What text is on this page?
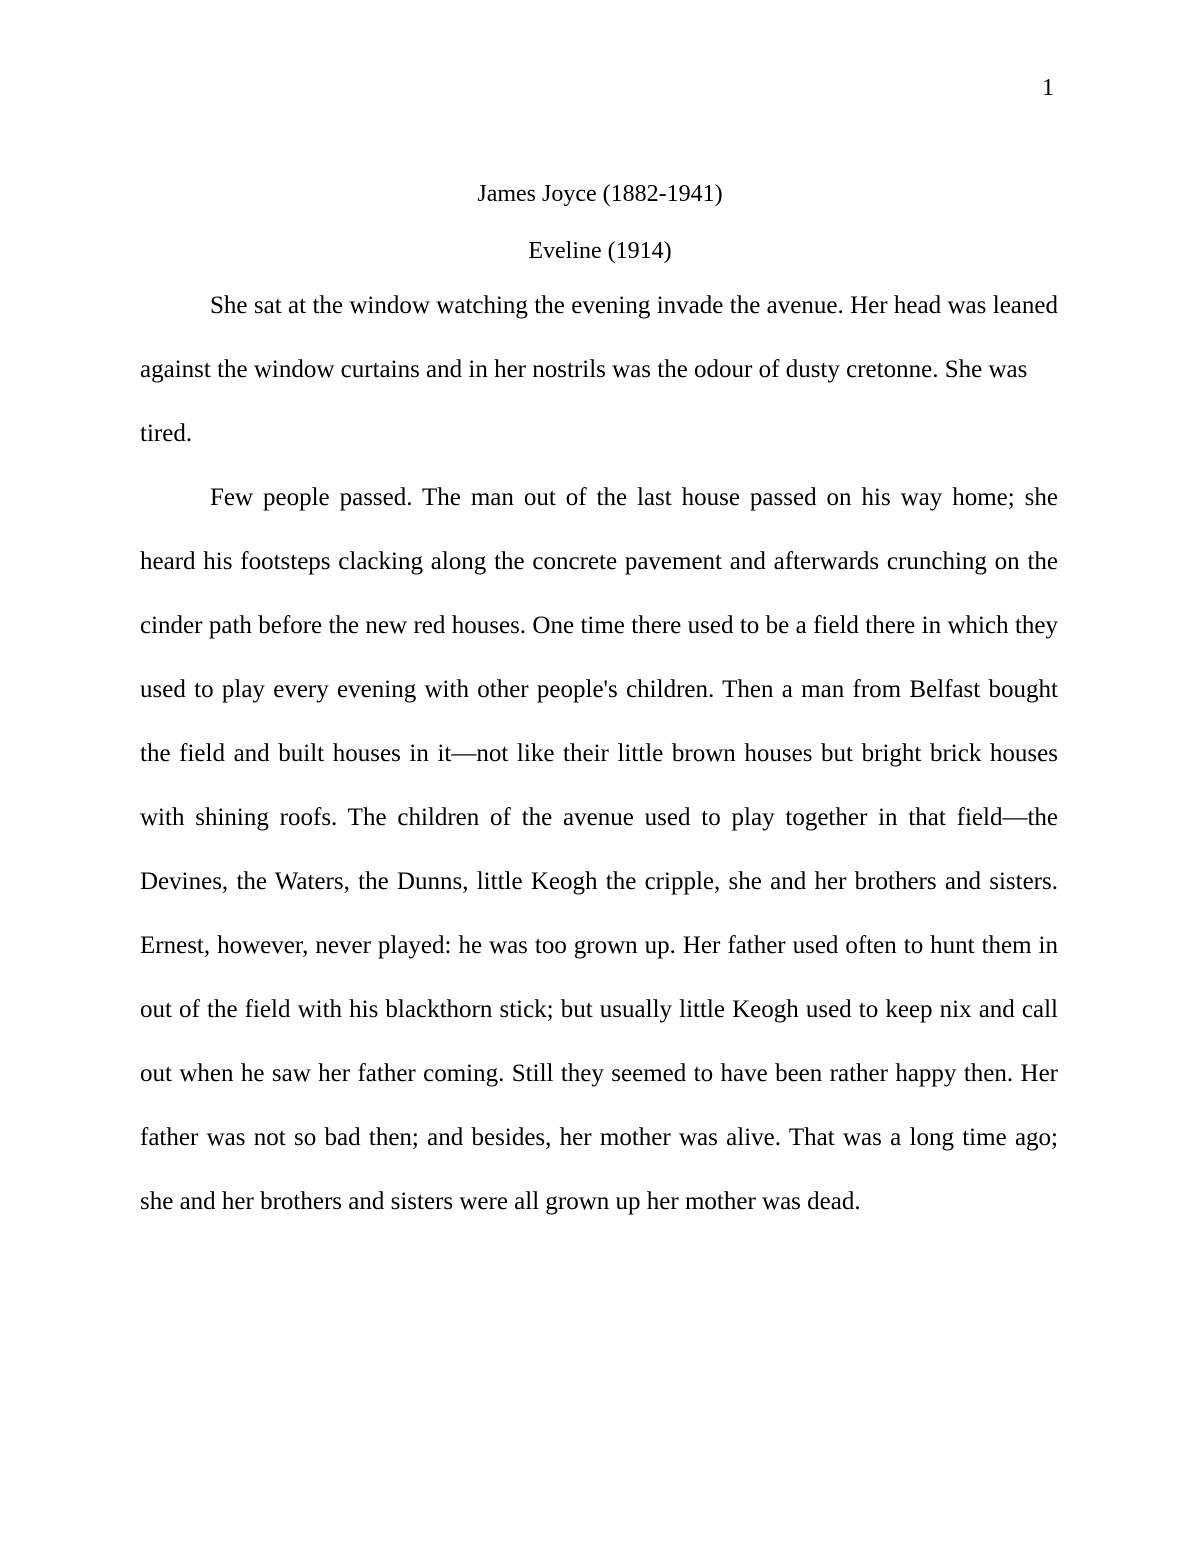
1
James Joyce (1882-1941)
Eveline (1914)

She sat at the window watching the evening invade the avenue. Her head was leaned against the window curtains and in her nostrils was the odour of dusty cretonne. She was

tired.

Few people passed. The man out of the last house passed on his way home; she heard his footsteps clacking along the concrete pavement and afterwards crunching on the cinder path before the new red houses. One time there used to be a field there in which they used to play every evening with other people's children. Then a man from Belfast bought the field and built houses in it—not like their little brown houses but bright brick houses with shining roofs. The children of the avenue used to play together in that field—the Devines, the Waters, the Dunns, little Keogh the cripple, she and her brothers and sisters. Ernest, however, never played: he was too grown up. Her father used often to hunt them in out of the field with his blackthorn stick; but usually little Keogh used to keep nix and call out when he saw her father coming. Still they seemed to have been rather happy then. Her father was not so bad then; and besides, her mother was alive. That was a long time ago; she and her brothers and sisters were all grown up her mother was dead.
